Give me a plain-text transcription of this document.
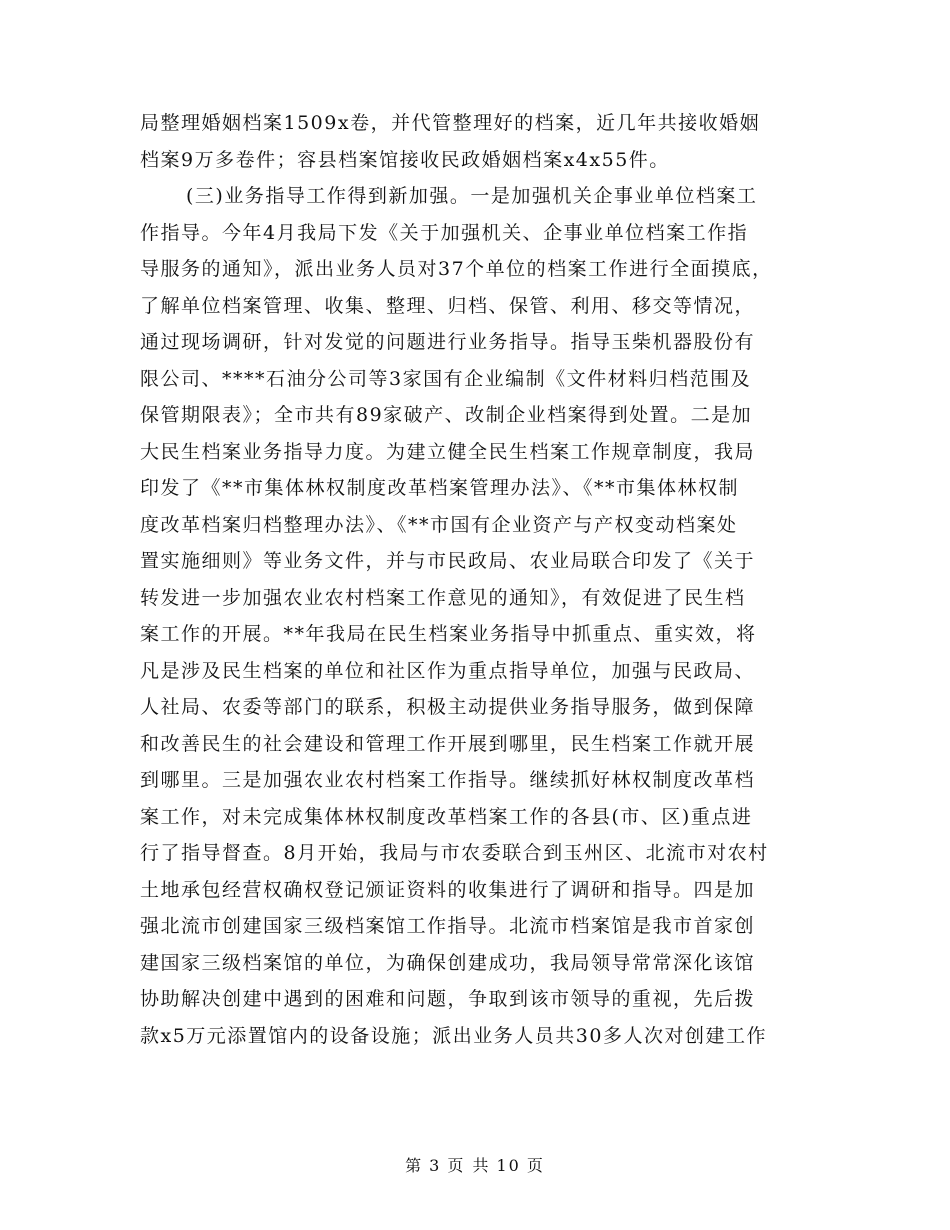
局整理婚姻档案1509x卷，并代管整理好的档案，近几年共接收婚姻
档案9万多卷件；容县档案馆接收民政婚姻档案x4x55件。
(三)业务指导工作得到新加强。一是加强机关企事业单位档案工
作指导。今年4月我局下发《关于加强机关、企事业单位档案工作指
导服务的通知》，派出业务人员对37个单位的档案工作进行全面摸底，
了解单位档案管理、收集、整理、归档、保管、利用、移交等情况，
通过现场调研，针对发觉的问题进行业务指导。指导玉柴机器股份有
限公司、****石油分公司等3家国有企业编制《文件材料归档范围及
保管期限表》；全市共有89家破产、改制企业档案得到处置。二是加
大民生档案业务指导力度。为建立健全民生档案工作规章制度，我局
印发了《**市集体林权制度改革档案管理办法》、《**市集体林权制
度改革档案归档整理办法》、《**市国有企业资产与产权变动档案处
置实施细则》等业务文件，并与市民政局、农业局联合印发了《关于
转发进一步加强农业农村档案工作意见的通知》，有效促进了民生档
案工作的开展。**年我局在民生档案业务指导中抓重点、重实效，将
凡是涉及民生档案的单位和社区作为重点指导单位，加强与民政局、
人社局、农委等部门的联系，积极主动提供业务指导服务，做到保障
和改善民生的社会建设和管理工作开展到哪里，民生档案工作就开展
到哪里。三是加强农业农村档案工作指导。继续抓好林权制度改革档
案工作，对未完成集体林权制度改革档案工作的各县(市、区)重点进
行了指导督查。8月开始，我局与市农委联合到玉州区、北流市对农村
土地承包经营权确权登记颁证资料的收集进行了调研和指导。四是加
强北流市创建国家三级档案馆工作指导。北流市档案馆是我市首家创
建国家三级档案馆的单位，为确保创建成功，我局领导常常深化该馆
协助解决创建中遇到的困难和问题，争取到该市领导的重视，先后拨
款x5万元添置馆内的设备设施；派出业务人员共30多人次对创建工作
第 3 页 共 10 页
